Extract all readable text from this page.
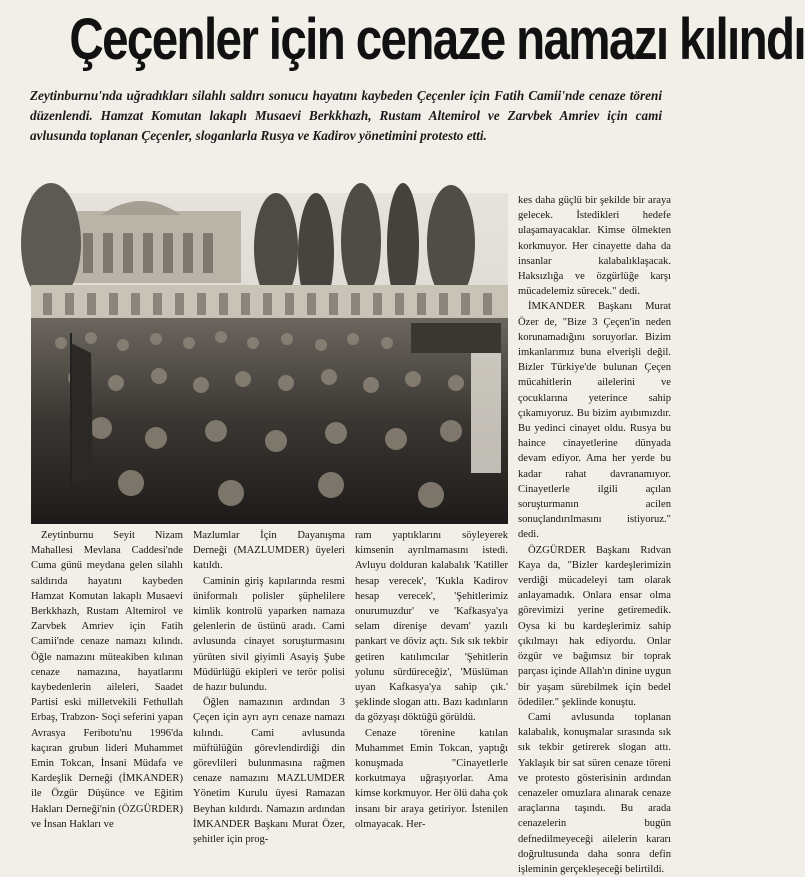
Çeçenler için cenaze namazı kılındı

Zeytinburnu'nda uğradıkları silahlı saldırı sonucu hayatını kaybeden Çeçenler için Fatih Camii'nde cenaze töreni düzenlendi. Hamzat Komutan lakaplı Musaevi Berkkhazh, Rustam Altemirol ve Zarvbek Amriev için cami avlusunda toplanan Çeçenler, sloganlarla Rusya ve Kadirov yönetimini protesto etti.

Zeytinburnu Seyit Nizam Mahallesi Mevlana Caddesi'nde Cuma günü meydana gelen silahlı saldırıda hayatını kaybeden Hamzat Komutan lakaplı Musaevi Berkkhazh, Rustam Altemirol ve Zarvbek Amriev için Fatih Camii'nde cenaze namazı kılındı. Öğle namazını müteakiben kılınan cenaze namazına, hayatlarını kaybedenlerin aileleri, Saadet Partisi eski milletvekili Fethullah Erbaş, Trabzon- Soçi seferini yapan Avrasya Feribotu'nu 1996'da kaçıran grubun lideri Muhammet Emin Tokcan, İnsani Müdafa ve Kardeşlik Derneği (İMKANDER) ile Özgür Düşünce ve Eğitim Hakları Derneği'nin (ÖZGÜRDER) ve İnsan Hakları ve

Mazlumlar İçin Dayanışma Derneği (MAZLUMDER) üyeleri katıldı.

Caminin giriş kapılarında resmi üniformalı polisler şüphelilere kimlik kontrolü yaparken namaza gelenlerin de üstünü aradı. Cami avlusunda cinayet soruşturmasını yürüten sivil giyimli Asayiş Şube Müdürlüğü ekipleri ve terör polisi de hazır bulundu.

Öğlen namazının ardından 3 Çeçen için ayrı ayrı cenaze namazı kılındı. Cami avlusunda müftülüğün görevlendirdiği din görevlileri bulunmasına rağmen cenaze namazını MAZLUMDER Yönetim Kurulu üyesi Ramazan Beyhan kıldırdı. Namazın ardından İMKANDER Başkanı Murat Özer, şehitler için prog-

ram yaptıklarını söyleyerek kimsenin ayrılmamasını istedi. Avluyu dolduran kalabalık 'Katiller hesap verecek', 'Kukla Kadirov hesap verecek', 'Şehitlerimiz onurumuzdur' ve 'Kafkasya'ya selam direnişe devam' yazılı pankart ve döviz açtı. Sık sık tekbir getiren katılımcılar 'Şehitlerin yolunu sürdüreceğiz', 'Müslüman uyan Kafkasya'ya sahip çık.' şeklinde slogan attı. Bazı kadınların da gözyaşı döktüğü görüldü.

Cenaze törenine katılan Muhammet Emin Tokcan, yaptığı konuşmada "Cinayetlerle korkutmaya uğraşıyorlar. Ama kimse korkmuyor. Her ölü daha çok insanı bir araya getiriyor. İstenilen olmayacak. Her-

kes daha güçlü bir şekilde bir araya gelecek. İstedikleri hedefe ulaşamayacaklar. Kimse ölmekten korkmuyor. Her cinayette daha da insanlar kalabalıklaşacak. Haksızlığa ve özgürlüğe karşı mücadelemiz sürecek." dedi.

İMKANDER Başkanı Murat Özer de, "Bize 3 Çeçen'in neden korunamadığını soruyorlar. Bizim imkanlarımız buna elverişli değil. Bizler Türkiye'de bulunan Çeçen mücahitlerin ailelerini ve çocuklarına yeterince sahip çıkamıyoruz. Bu bizim ayıbımızdır. Bu yedinci cinayet oldu. Rusya bu haince cinayetlerine dünyada devam ediyor. Ama her yerde bu kadar rahat davranamıyor. Cinayetlerle ilgili açılan soruşturmanın acilen sonuçlandırılmasını istiyoruz." dedi.

ÖZGÜRDER Başkanı Rıdvan Kaya da, "Bizler kardeşlerimizin verdiği mücadeleyi tam olarak anlayamadık. Onlara ensar olma görevimizi yerine getiremedik. Oysa ki bu kardeşlerimiz sahip çıkılmayı hak ediyordu. Onlar özgür ve bağımsız bir toprak parçası içinde Allah'ın dinine uygun bir yaşam sürebilmek için bedel ödediler." şeklinde konuştu.

Cami avlusunda toplanan kalabalık, konuşmalar sırasında sık sık tekbir getirerek slogan attı. Yaklaşık bir sat süren cenaze töreni ve protesto gösterisinin ardından cenazeler omuzlara alınarak cenaze araçlarına taşındı. Bu arada cenazelerin bugün defnedilmeyeceği ailelerin kararı doğrultusunda daha sonra defin işleminin gerçekleşeceği belirtildi.
